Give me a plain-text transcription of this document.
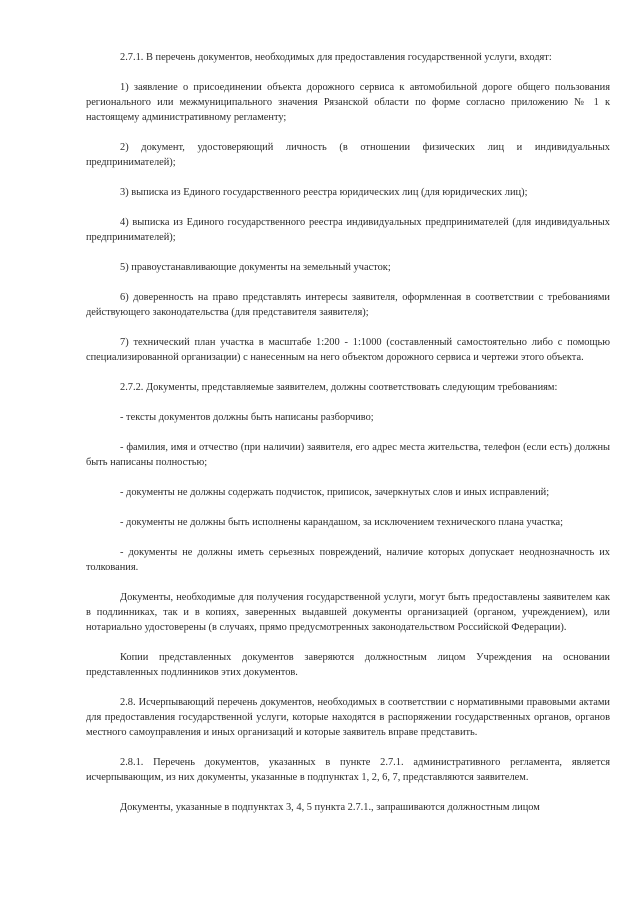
2.7.1. В перечень документов, необходимых для предоставления государственной услуги, входят:

1) заявление о присоединении объекта дорожного сервиса к автомобильной дороге общего пользования регионального или межмуниципального значения Рязанской области по форме согласно приложению № 1 к настоящему административному регламенту;

2) документ, удостоверяющий личность (в отношении физических лиц и индивидуальных предпринимателей);

3) выписка из Единого государственного реестра юридических лиц (для юридических лиц);

4) выписка из Единого государственного реестра индивидуальных предпринимателей (для индивидуальных предпринимателей);

5) правоустанавливающие документы на земельный участок;

6) доверенность на право представлять интересы заявителя, оформленная в соответствии с требованиями действующего законодательства (для представителя заявителя);

7) технический план участка в масштабе 1:200 - 1:1000 (составленный самостоятельно либо с помощью специализированной организации) с нанесенным на него объектом дорожного сервиса и чертежи этого объекта.

2.7.2. Документы, представляемые заявителем, должны соответствовать следующим требованиям:

- тексты документов должны быть написаны разборчиво;

- фамилия, имя и отчество (при наличии) заявителя, его адрес места жительства, телефон (если есть) должны быть написаны полностью;

- документы не должны содержать подчисток, приписок, зачеркнутых слов и иных исправлений;

- документы не должны быть исполнены карандашом, за исключением технического плана участка;

- документы не должны иметь серьезных повреждений, наличие которых допускает неоднозначность их толкования.

Документы, необходимые для получения государственной услуги, могут быть предоставлены заявителем как в подлинниках, так и в копиях, заверенных выдавшей документы организацией (органом, учреждением), или нотариально удостоверены (в случаях, прямо предусмотренных законодательством Российской Федерации).

Копии представленных документов заверяются должностным лицом Учреждения на основании представленных подлинников этих документов.

2.8. Исчерпывающий перечень документов, необходимых в соответствии с нормативными правовыми актами для предоставления государственной услуги, которые находятся в распоряжении государственных органов, органов местного самоуправления и иных организаций и которые заявитель вправе представить.

2.8.1. Перечень документов, указанных в пункте 2.7.1. административного регламента, является исчерпывающим, из них документы, указанные в подпунктах 1, 2, 6, 7, представляются заявителем.

Документы, указанные в подпунктах 3, 4, 5 пункта 2.7.1., запрашиваются должностным лицом
